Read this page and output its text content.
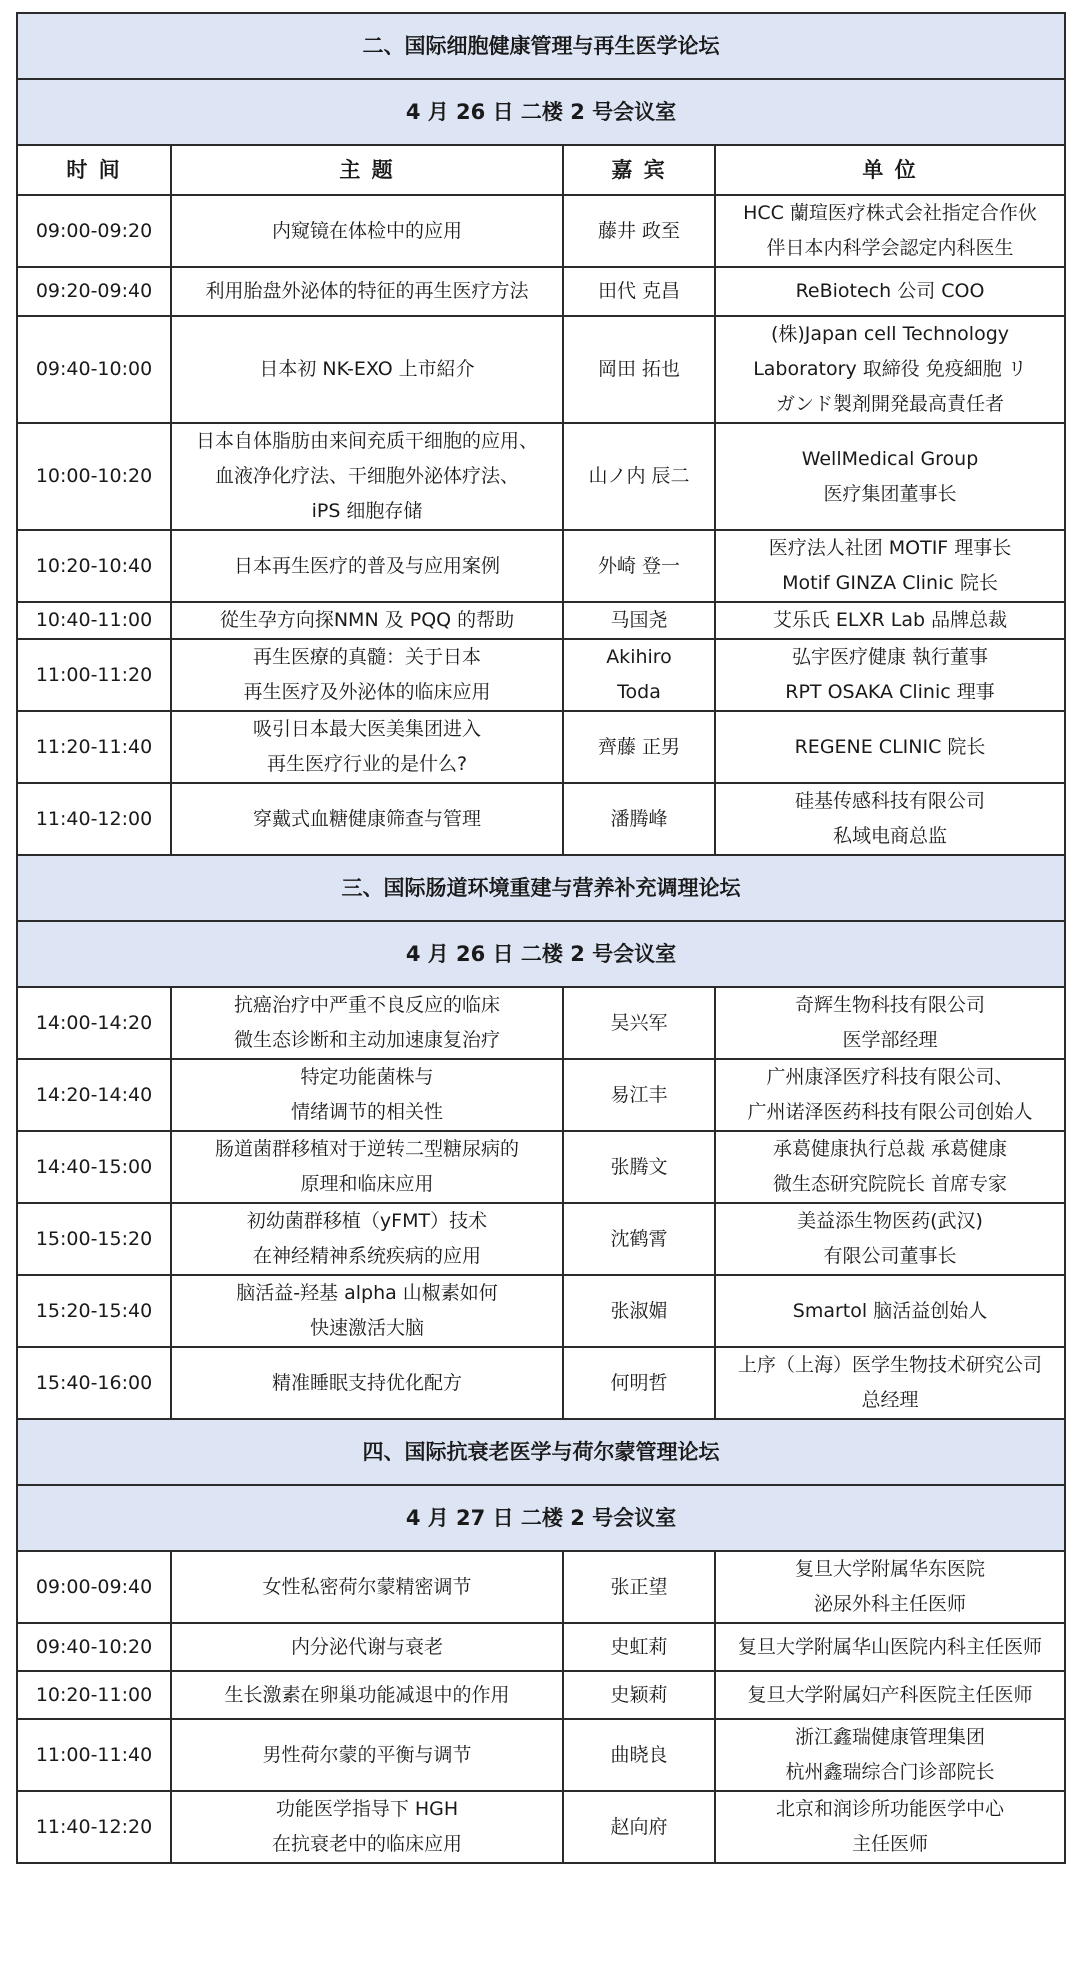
二、国际细胞健康管理与再生医学论坛			
4 月 26 日 二楼 2 号会议室			
时 间	主 题	嘉 宾	单 位
09:00-09:20	内窥镜在体检中的应用	藤井 政至	HCC 蘭瑄医疗株式会社指定合作伙
伴日本内科学会認定内科医生

09:20-09:40	利用胎盘外泌体的特征的再生医疗方法	田代 克昌	ReBiotech 公司 COO

09:40-10:00	日本初 NK-EXO 上市紹介	岡田 拓也	(株)Japan cell Technology
Laboratory 取締役 免疫細胞 リ
ガンド製剤開発最高責任者

10:00-10:20	日本自体脂肪由来间充质干细胞的应用、
血液净化疗法、干细胞外泌体疗法、
iPS 细胞存储	山ノ内 辰二	WellMedical Group
医疗集团董事长

10:20-10:40	日本再生医疗的普及与应用案例	外崎 登一	医疗法人社团 MOTIF 理事长
Motif GINZA Clinic 院长

10:40-11:00	從生孕方向探NMN 及 PQQ 的帮助	马国尧	艾乐氏 ELXR Lab 品牌总裁

11:00-11:20	再生医療的真髓：关于日本
再生医疗及外泌体的临床应用	Akihiro
Toda	弘宇医疗健康 執行董事
RPT OSAKA Clinic 理事

11:20-11:40	吸引日本最大医美集团进入
再生医疗行业的是什么?	齊藤 正男	REGENE CLINIC 院长

11:40-12:00	穿戴式血糖健康筛查与管理	潘腾峰	硅基传感科技有限公司
私域电商总监

三、国际肠道环境重建与营养补充调理论坛			
4 月 26 日 二楼 2 号会议室			
14:00-14:20	抗癌治疗中严重不良反应的临床
微生态诊断和主动加速康复治疗	吴兴军	奇辉生物科技有限公司
医学部经理

14:20-14:40	特定功能菌株与
情绪调节的相关性	易江丰	广州康泽医疗科技有限公司、
广州诺泽医药科技有限公司创始人

14:40-15:00	肠道菌群移植对于逆转二型糖尿病的
原理和临床应用	张腾文	承葛健康执行总裁 承葛健康
微生态研究院院长 首席专家

15:00-15:20	初幼菌群移植（yFMT）技术
在神经精神系统疾病的应用	沈鹤霄	美益添生物医药(武汉)
有限公司董事长

15:20-15:40	脑活益-羟基 alpha 山椒素如何
快速激活大脑	张淑媚	Smartol 脑活益创始人

15:40-16:00	精准睡眠支持优化配方	何明哲	上序（上海）医学生物技术研究公司
总经理

四、国际抗衰老医学与荷尔蒙管理论坛			
4 月 27 日 二楼 2 号会议室			
09:00-09:40	女性私密荷尔蒙精密调节	张正望	复旦大学附属华东医院
泌尿外科主任医师

09:40-10:20	内分泌代谢与衰老	史虹莉	复旦大学附属华山医院内科主任医师

10:20-11:00	生长激素在卵巢功能减退中的作用	史颖莉	复旦大学附属妇产科医院主任医师

11:00-11:40	男性荷尔蒙的平衡与调节	曲晓良	浙江鑫瑞健康管理集团
杭州鑫瑞综合门诊部院长

11:40-12:20	功能医学指导下 HGH
在抗衰老中的临床应用	赵向府	北京和润诊所功能医学中心
主任医师
